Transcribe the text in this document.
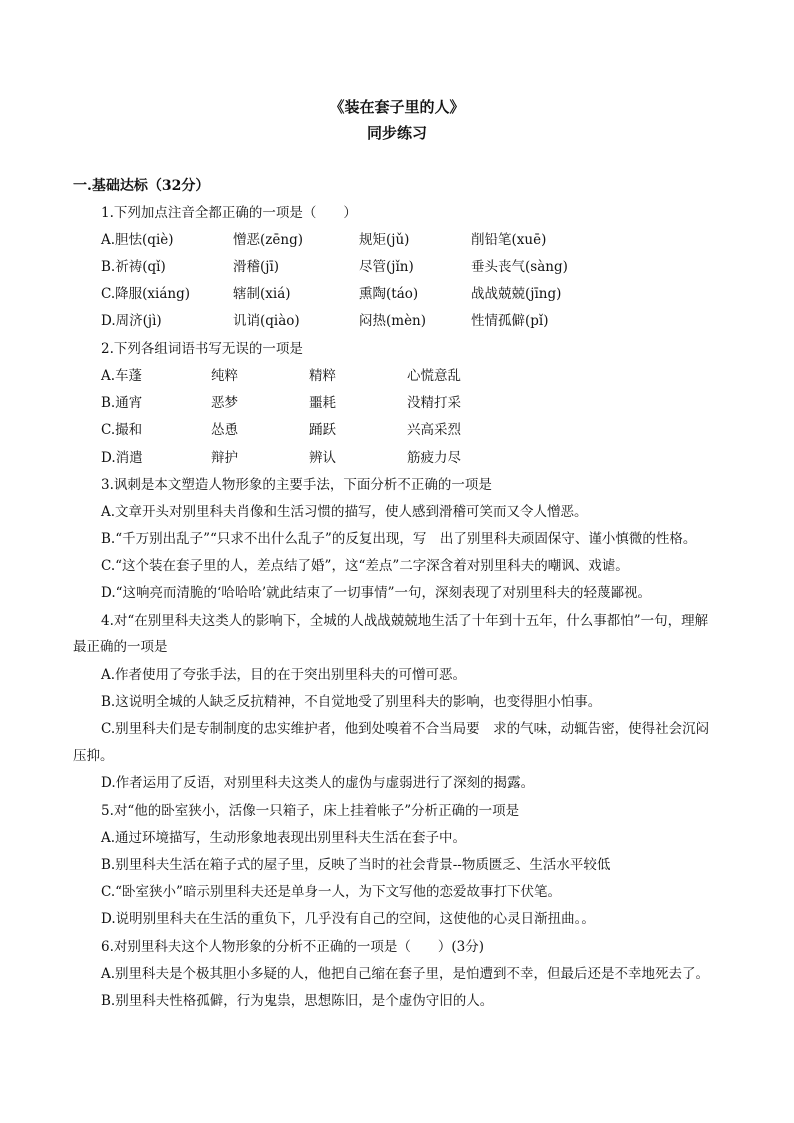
《装在套子里的人》
同步练习
一.基础达标（32分）
1.下列加点注音全都正确的一项是（　　）
A.胆怯(qiè)	憎恶(zēng)	规矩(jǔ)	削铅笔(xuē)
B.祈祷(qǐ)	滑稽(jī)	尽管(jǐn)	垂头丧气(sàng)
C.降服(xiáng)	辖制(xiá)	熏陶(táo)	战战兢兢(jīng)
D.周济(jì)	讥诮(qiào)	闷热(mèn)	性情孤僻(pǐ)
2.下列各组词语书写无误的一项是
A.车蓬	纯粹	精粹	心慌意乱
B.通宵	恶梦	噩耗	没精打采
C.撮和	怂恿	踊跃	兴高采烈
D.消遣	辩护	辨认	筋疲力尽
3.讽刺是本文塑造人物形象的主要手法，下面分析不正确的一项是
A.文章开头对别里科夫肖像和生活习惯的描写，使人感到滑稽可笑而又令人憎恶。
B.“千万别出乱子”“只求不出什么乱子”的反复出现，写　出了别里科夫顽固保守、谨小慎微的性格。
C.“这个装在套子里的人，差点结了婚”，这“差点”二字深含着对别里科夫的嘲讽、戏谑。
D.“这响亮而清脆的‘哈哈哈’就此结束了一切事情”一句，深刻表现了对别里科夫的轻蔑鄙视。
4.对“在别里科夫这类人的影响下，全城的人战战兢兢地生活了十年到十五年，什么事都怕”一句，理解
最正确的一项是
A.作者使用了夸张手法，目的在于突出别里科夫的可憎可恶。
B.这说明全城的人缺乏反抗精神，不自觉地受了别里科夫的影响，也变得胆小怕事。
C.别里科夫们是专制制度的忠实维护者，他到处嗅着不合当局要　求的气味，动辄告密，使得社会沉闷
压抑。
D.作者运用了反语，对别里科夫这类人的虚伪与虚弱进行了深刻的揭露。
5.对“他的卧室狭小，活像一只箱子，床上挂着帐子”分析正确的一项是
A.通过环境描写，生动形象地表现出别里科夫生活在套子中。
B.别里科夫生活在箱子式的屋子里，反映了当时的社会背景--物质匮乏、生活水平较低
C.“卧室狭小”暗示别里科夫还是单身一人，为下文写他的恋爱故事打下伏笔。
D.说明别里科夫在生活的重负下，几乎没有自己的空间，这使他的心灵日渐扭曲。。
6.对别里科夫这个人物形象的分析不正确的一项是（　　）(3分)
A.别里科夫是个极其胆小多疑的人，他把自己缩在套子里，是怕遭到不幸，但最后还是不幸地死去了。
B.别里科夫性格孤僻，行为鬼祟，思想陈旧，是个虚伪守旧的人。
